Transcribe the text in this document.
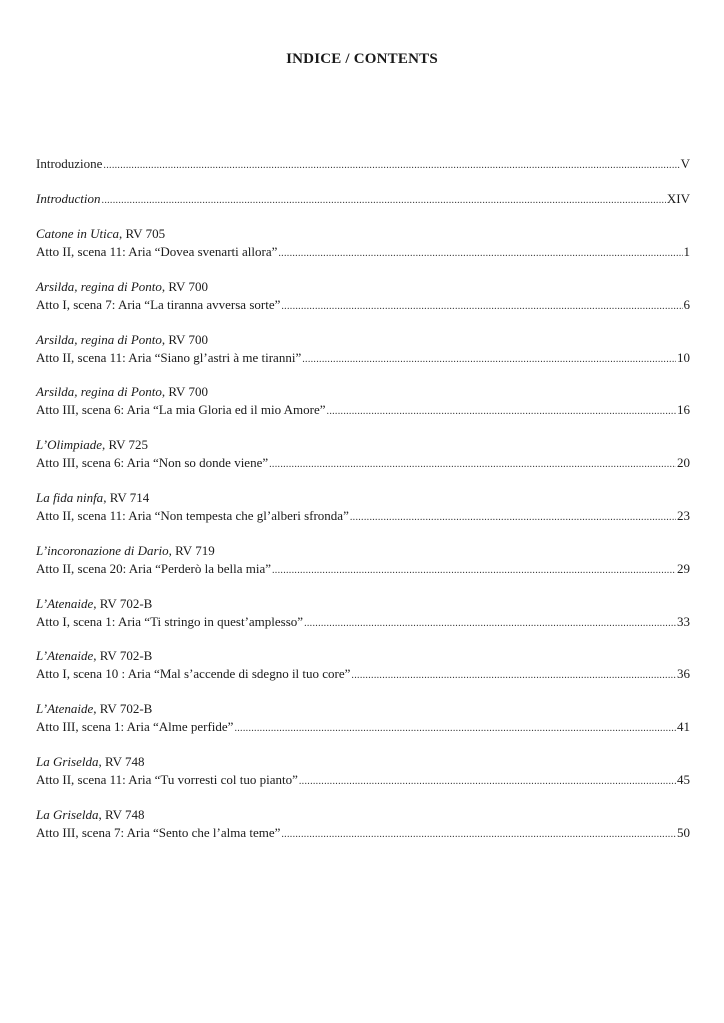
INDICE / CONTENTS
Introduzione .....	V
Introduction .....	XIV
Catone in Utica, RV 705
Atto II, scena 11: Aria “Dovea svenarti allora” .....	1
Arsilda, regina di Ponto, RV 700
Atto I, scena 7: Aria “La tiranna avversa sorte” .....	6
Arsilda, regina di Ponto, RV 700
Atto II, scena 11: Aria “Siano gl’astri à me tiranni” .....	10
Arsilda, regina di Ponto, RV 700
Atto III, scena 6: Aria “La mia Gloria ed il mio Amore” .....	16
L’Olimpiade, RV 725
Atto III, scena 6: Aria “Non so donde viene” .....	20
La fida ninfa, RV 714
Atto II, scena 11: Aria “Non tempesta che gl’alberi sfronda” .....	23
L’incoronazione di Dario, RV 719
Atto II, scena 20: Aria “Perderò la bella mia” .....	29
L’Atenaide, RV 702-B
Atto I, scena 1: Aria “Ti stringo in quest’amplesso” .....	33
L’Atenaide, RV 702-B
Atto I, scena 10 : Aria “Mal s’accende di sdegno il tuo core” .....	36
L’Atenaide, RV 702-B
Atto III, scena 1: Aria “Alme perfide” .....	41
La Griselda, RV 748
Atto II, scena 11: Aria “Tu vorresti col tuo pianto” .....	45
La Griselda, RV 748
Atto III, scena 7: Aria “Sento che l’alma teme” .....	50
